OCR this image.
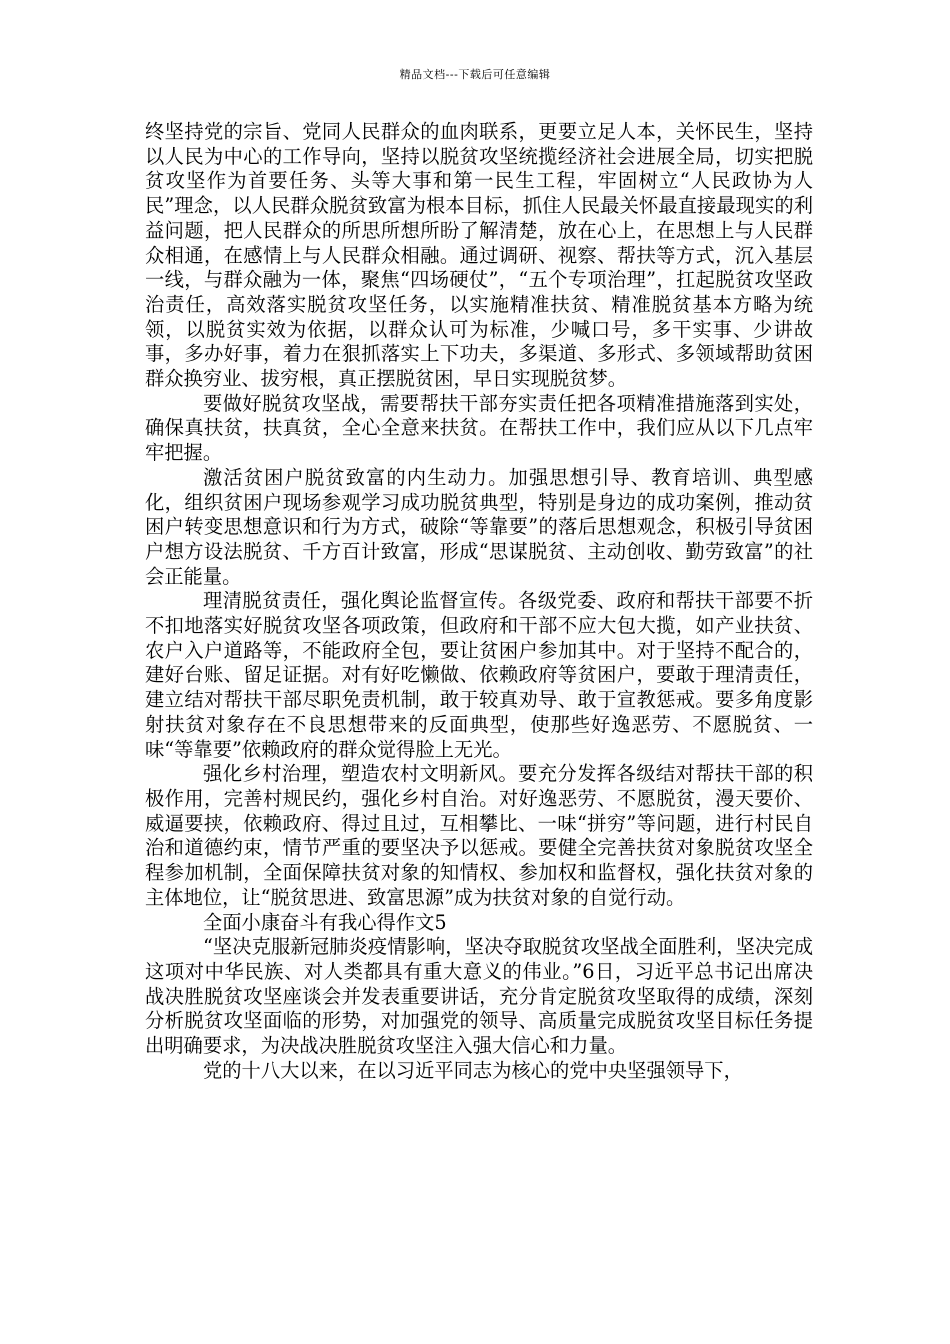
精品文档---下载后可任意编辑

终坚持党的宗旨、党同人民群众的血肉联系，更要立足人本，关怀民生，坚持以人民为中心的工作导向，坚持以脱贫攻坚统揽经济社会进展全局，切实把脱贫攻坚作为首要任务、头等大事和第一民生工程，牢固树立“人民政协为人民”理念，以人民群众脱贫致富为根本目标，抓住人民最关怀最直接最现实的利益问题，把人民群众的所思所想所盼了解清楚，放在心上，在思想上与人民群众相通，在感情上与人民群众相融。通过调研、视察、帮扶等方式，沉入基层一线，与群众融为一体，聚焦“四场硬仗”，“五个专项治理”，扛起脱贫攻坚政治责任，高效落实脱贫攻坚任务，以实施精准扶贫、精准脱贫基本方略为统领，以脱贫实效为依据，以群众认可为标准，少喊口号，多干实事、少讲故事，多办好事，着力在狠抓落实上下功夫，多渠道、多形式、多领域帮助贫困群众换穷业、拔穷根，真正摆脱贫困，早日实现脱贫梦。

要做好脱贫攻坚战，需要帮扶干部夯实责任把各项精准措施落到实处，确保真扶贫，扶真贫，全心全意来扶贫。在帮扶工作中，我们应从以下几点牢牢把握。

激活贫困户脱贫致富的内生动力。加强思想引导、教育培训、典型感化，组织贫困户现场参观学习成功脱贫典型，特别是身边的成功案例，推动贫困户转变思想意识和行为方式，破除“等靠要”的落后思想观念，积极引导贫困户想方设法脱贫、千方百计致富，形成“思谋脱贫、主动创收、勤劳致富”的社会正能量。

理清脱贫责任，强化舆论监督宣传。各级党委、政府和帮扶干部要不折不扣地落实好脱贫攻坚各项政策，但政府和干部不应大包大揽，如产业扶贫、农户入户道路等，不能政府全包，要让贫困户参加其中。对于坚持不配合的，建好台账、留足证据。对有好吃懒做、依赖政府等贫困户，要敢于理清责任，建立结对帮扶干部尽职免责机制，敢于较真劝导、敢于宣教惩戒。要多角度影射扶贫对象存在不良思想带来的反面典型，使那些好逸恶劳、不愿脱贫、一味“等靠要”依赖政府的群众觉得脸上无光。

强化乡村治理，塑造农村文明新风。要充分发挥各级结对帮扶干部的积极作用，完善村规民约，强化乡村自治。对好逸恶劳、不愿脱贫，漫天要价、威逼要挟，依赖政府、得过且过，互相攀比、一味“拼穷”等问题，进行村民自治和道德约束，情节严重的要坚决予以惩戒。要健全完善扶贫对象脱贫攻坚全程参加机制，全面保障扶贫对象的知情权、参加权和监督权，强化扶贫对象的主体地位，让“脱贫思进、致富思源”成为扶贫对象的自觉行动。

全面小康奋斗有我心得作文5

“坚决克服新冠肺炎疫情影响，坚决夺取脱贫攻坚战全面胜利，坚决完成这项对中华民族、对人类都具有重大意义的伟业。”6日，习近平总书记出席决战决胜脱贫攻坚座谈会并发表重要讲话，充分肯定脱贫攻坚取得的成绩，深刻分析脱贫攻坚面临的形势，对加强党的领导、高质量完成脱贫攻坚目标任务提出明确要求，为决战决胜脱贫攻坚注入强大信心和力量。

党的十八大以来，在以习近平同志为核心的党中央坚强领导下，
